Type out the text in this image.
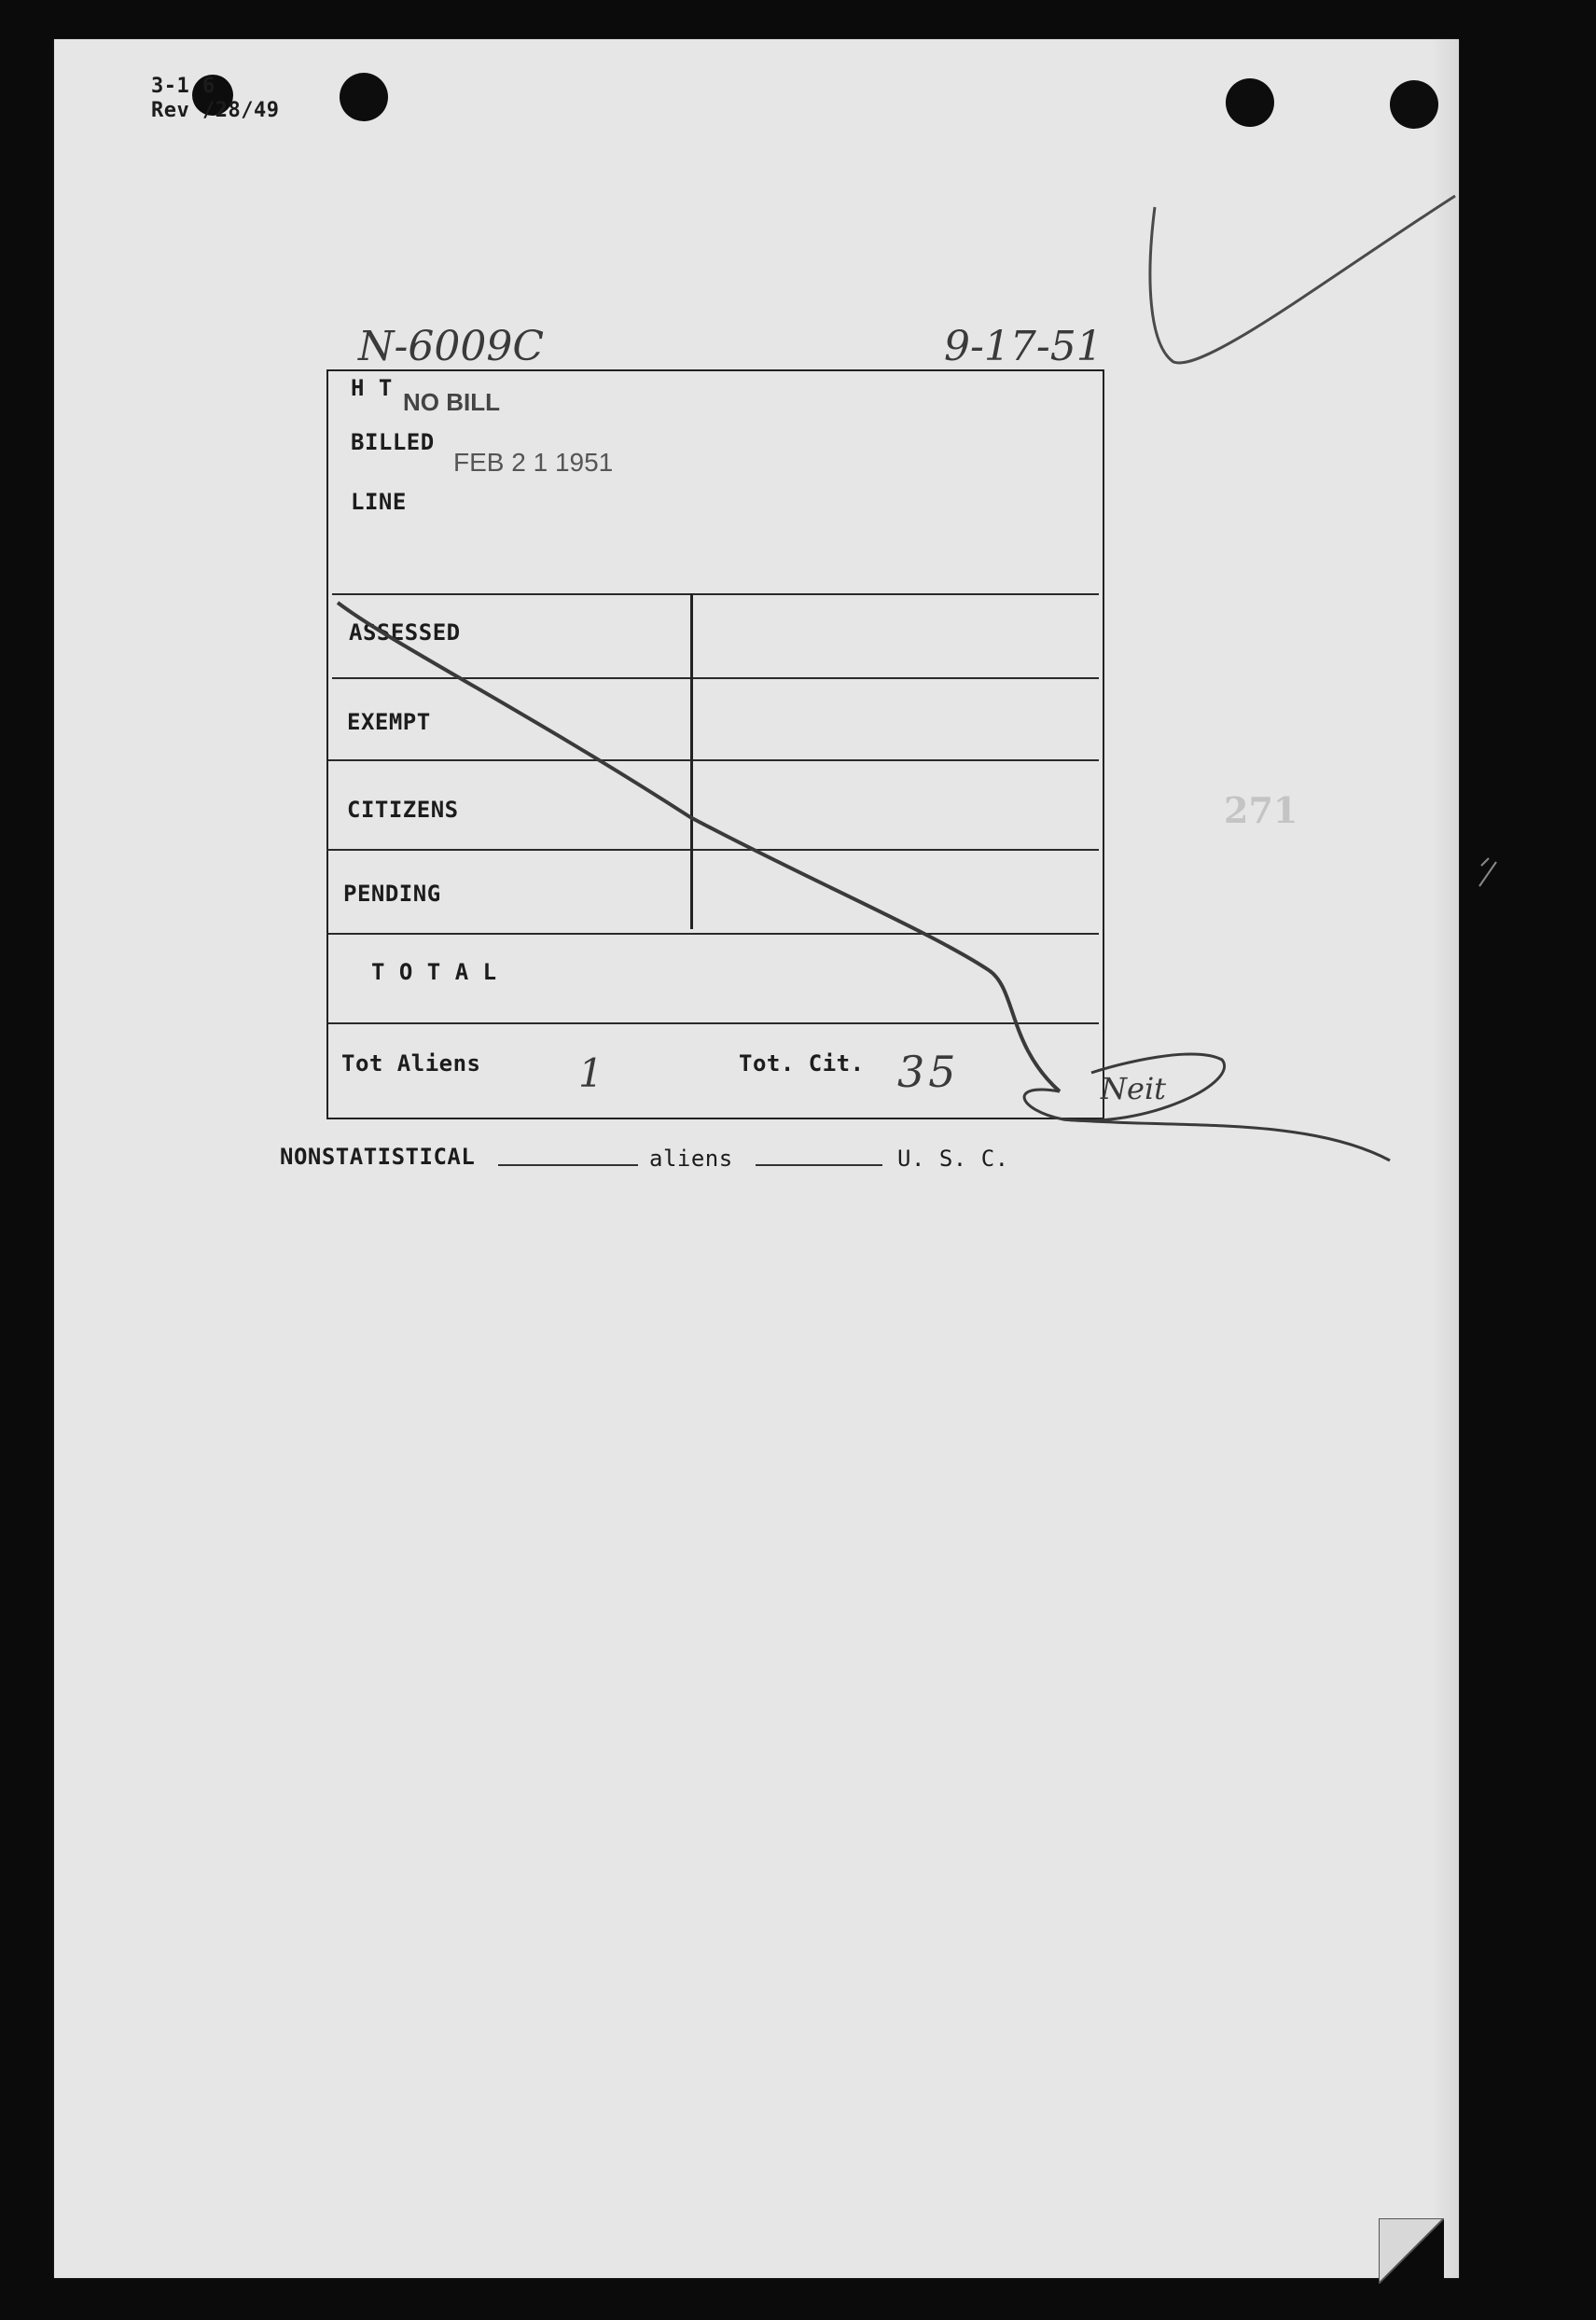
3-1 6
Rev /28/49
N-6009C	9-17-51
271
H T NO BILL
BILLED
FEB 2 1 1951
LINE
ASSESSED
EXEMPT
CITIZENS
PENDING
T O T A L
Tot Aliens 1	Tot. Cit. 35	Neit
NONSTATISTICAL	aliens	U. S. C.
